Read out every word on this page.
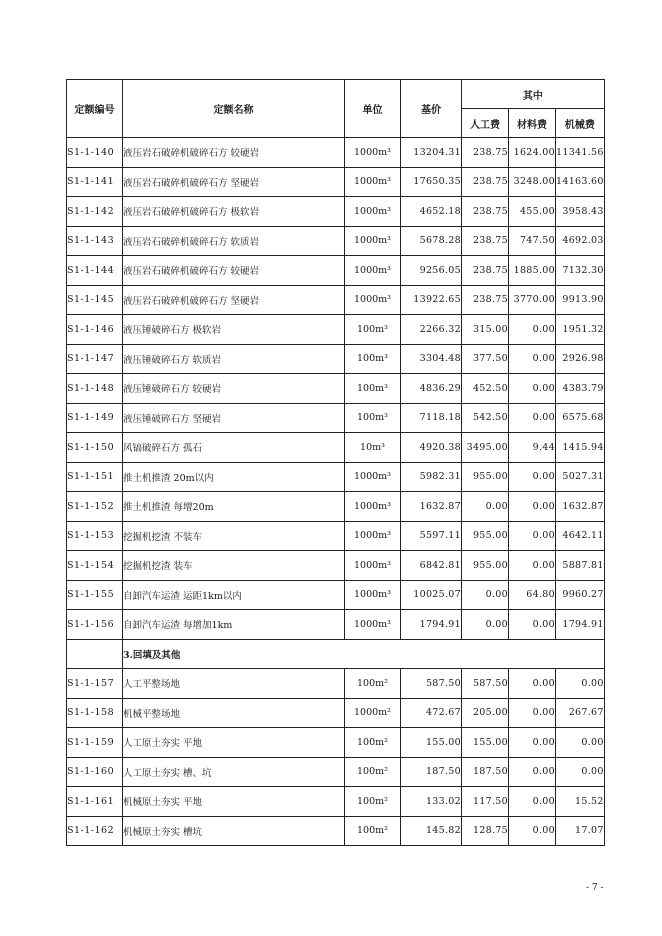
定额编号	定额名称	单位	基价	其中		
				人工费	材料费	机械费
S1-1-140	液压岩石破碎机破碎石方 较硬岩	1000m³	13204.31	238.75	1624.00	11341.56
S1-1-141	液压岩石破碎机破碎石方 坚硬岩	1000m³	17650.35	238.75	3248.00	14163.60
S1-1-142	液压岩石破碎机破碎石方 极软岩	1000m³	4652.18	238.75	455.00	3958.43
S1-1-143	液压岩石破碎机破碎石方 软质岩	1000m³	5678.28	238.75	747.50	4692.03
S1-1-144	液压岩石破碎机破碎石方 较硬岩	1000m³	9256.05	238.75	1885.00	7132.30
S1-1-145	液压岩石破碎机破碎石方 坚硬岩	1000m³	13922.65	238.75	3770.00	9913.90
S1-1-146	液压锤破碎石方 极软岩	100m³	2266.32	315.00	0.00	1951.32
S1-1-147	液压锤破碎石方 软质岩	100m³	3304.48	377.50	0.00	2926.98
S1-1-148	液压锤破碎石方 较硬岩	100m³	4836.29	452.50	0.00	4383.79
S1-1-149	液压锤破碎石方 坚硬岩	100m³	7118.18	542.50	0.00	6575.68
S1-1-150	风镐破碎石方 孤石	10m³	4920.38	3495.00	9.44	1415.94
S1-1-151	推土机推渣 20m以内	1000m³	5982.31	955.00	0.00	5027.31
S1-1-152	推土机推渣 每增20m	1000m³	1632.87	0.00	0.00	1632.87
S1-1-153	挖掘机挖渣 不装车	1000m³	5597.11	955.00	0.00	4642.11
S1-1-154	挖掘机挖渣 装车	1000m³	6842.81	955.00	0.00	5887.81
S1-1-155	自卸汽车运渣 运距1km以内	1000m³	10025.07	0.00	64.80	9960.27
S1-1-156	自卸汽车运渣 每增加1km	1000m³	1794.91	0.00	0.00	1794.91
	3.回填及其他					
S1-1-157	人工平整场地	100m²	587.50	587.50	0.00	0.00
S1-1-158	机械平整场地	1000m²	472.67	205.00	0.00	267.67
S1-1-159	人工原土夯实 平地	100m²	155.00	155.00	0.00	0.00
S1-1-160	人工原土夯实 槽、坑	100m²	187.50	187.50	0.00	0.00
S1-1-161	机械原土夯实 平地	100m²	133.02	117.50	0.00	15.52
S1-1-162	机械原土夯实 槽坑	100m²	145.82	128.75	0.00	17.07
- 7 -
